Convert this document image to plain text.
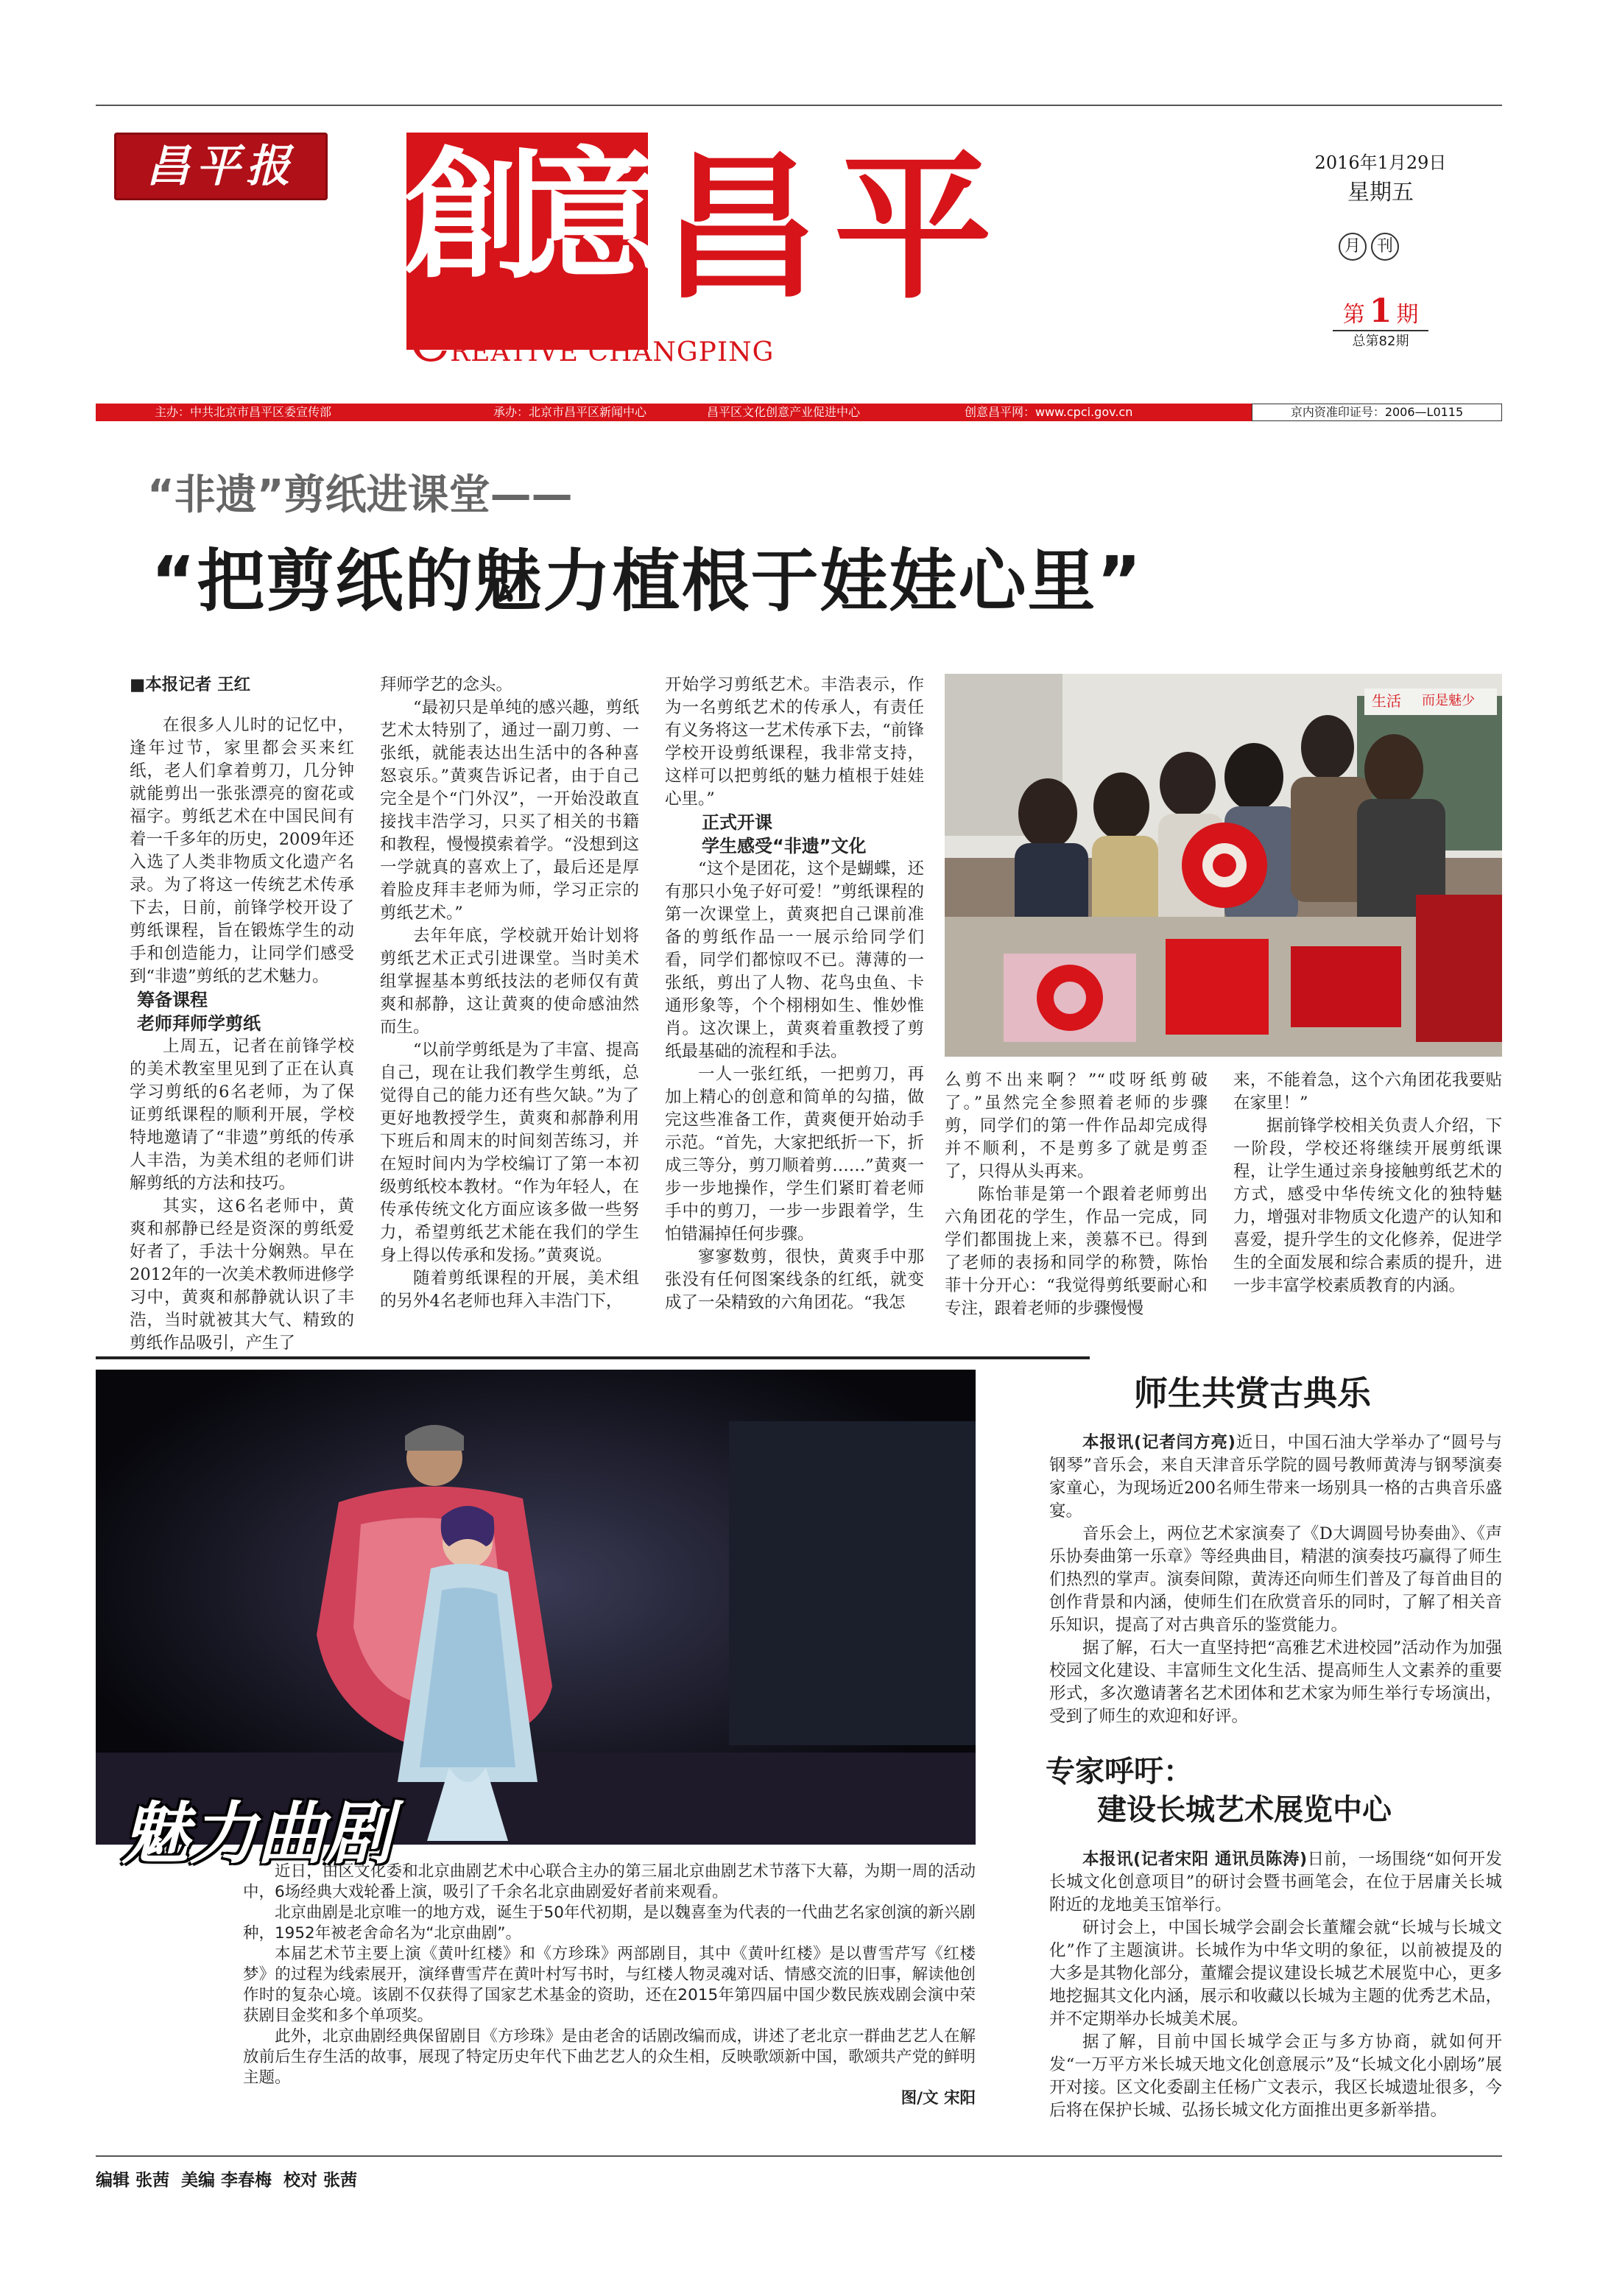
昌平报 創
意
昌 平
CREATIVE CHANGPING
2016年1月29日
星期五
月 刊
第 1 期
总第82期
主办：中共北京市昌平区委宣传部	承办：北京市昌平区新闻中心	昌平区文化创意产业促进中心	创意昌平网：www.cpci.gov.cn	京内资准印证号：2006—L0115
“非遗”剪纸进课堂——
“把剪纸的魅力植根于娃娃心里”

■本报记者 王红

在很多人儿时的记忆中，逢年过节，家里都会买来红纸，老人们拿着剪刀，几分钟就能剪出一张张漂亮的窗花或福字。剪纸艺术在中国民间有着一千多年的历史，2009年还入选了人类非物质文化遗产名录。为了将这一传统艺术传承下去，日前，前锋学校开设了剪纸课程，旨在锻炼学生的动手和创造能力，让同学们感受到“非遗”剪纸的艺术魅力。

筹备课程
老师拜师学剪纸

上周五，记者在前锋学校的美术教室里见到了正在认真学习剪纸的6名老师，为了保证剪纸课程的顺利开展，学校特地邀请了“非遗”剪纸的传承人丰浩，为美术组的老师们讲解剪纸的方法和技巧。

其实，这6名老师中，黄爽和郝静已经是资深的剪纸爱好者了，手法十分娴熟。早在2012年的一次美术教师进修学习中，黄爽和郝静就认识了丰浩，当时就被其大气、精致的剪纸作品吸引，产生了

拜师学艺的念头。

“最初只是单纯的感兴趣，剪纸艺术太特别了，通过一副刀剪、一张纸，就能表达出生活中的各种喜怒哀乐。”黄爽告诉记者，由于自己完全是个“门外汉”，一开始没敢直接找丰浩学习，只买了相关的书籍和教程，慢慢摸索着学。“没想到这一学就真的喜欢上了，最后还是厚着脸皮拜丰老师为师，学习正宗的剪纸艺术。”

去年年底，学校就开始计划将剪纸艺术正式引进课堂。当时美术组掌握基本剪纸技法的老师仅有黄爽和郝静，这让黄爽的使命感油然而生。

“以前学剪纸是为了丰富、提高自己，现在让我们教学生剪纸，总觉得自己的能力还有些欠缺。”为了更好地教授学生，黄爽和郝静利用下班后和周末的时间刻苦练习，并在短时间内为学校编订了第一本初级剪纸校本教材。“作为年轻人，在传承传统文化方面应该多做一些努力，希望剪纸艺术能在我们的学生身上得以传承和发扬。”黄爽说。

随着剪纸课程的开展，美术组的另外4名老师也拜入丰浩门下，

开始学习剪纸艺术。丰浩表示，作为一名剪纸艺术的传承人，有责任有义务将这一艺术传承下去，“前锋学校开设剪纸课程，我非常支持，这样可以把剪纸的魅力植根于娃娃心里。”

正式开课
学生感受“非遗”文化

“这个是团花，这个是蝴蝶，还有那只小兔子好可爱！”剪纸课程的第一次课堂上，黄爽把自己课前准备的剪纸作品一一展示给同学们看，同学们都惊叹不已。薄薄的一张纸，剪出了人物、花鸟虫鱼、卡通形象等，个个栩栩如生、惟妙惟肖。这次课上，黄爽着重教授了剪纸最基础的流程和手法。

一人一张红纸，一把剪刀，再加上精心的创意和简单的勾描，做完这些准备工作，黄爽便开始动手示范。“首先，大家把纸折一下，折成三等分，剪刀顺着剪……”黄爽一步一步地操作，学生们紧盯着老师手中的剪刀，一步一步跟着学，生怕错漏掉任何步骤。

寥寥数剪，很快，黄爽手中那张没有任何图案线条的红纸，就变成了一朵精致的六角团花。“我怎

生活 而是魅少

么剪不出来啊？”“哎呀纸剪破了。”虽然完全参照着老师的步骤剪，同学们的第一件作品却完成得并不顺利，不是剪多了就是剪歪了，只得从头再来。

陈怡菲是第一个跟着老师剪出六角团花的学生，作品一完成，同学们都围拢上来，羡慕不已。得到了老师的表扬和同学的称赞，陈怡菲十分开心：“我觉得剪纸要耐心和专注，跟着老师的步骤慢慢

来，不能着急，这个六角团花我要贴在家里！”

据前锋学校相关负责人介绍，下一阶段，学校还将继续开展剪纸课程，让学生通过亲身接触剪纸艺术的方式，感受中华传统文化的独特魅力，增强对非物质文化遗产的认知和喜爱，提升学生的文化修养，促进学生的全面发展和综合素质的提升，进一步丰富学校素质教育的内涵。

魅力曲剧

近日，由区文化委和北京曲剧艺术中心联合主办的第三届北京曲剧艺术节落下大幕，为期一周的活动中，6场经典大戏轮番上演，吸引了千余名北京曲剧爱好者前来观看。

北京曲剧是北京唯一的地方戏，诞生于50年代初期，是以魏喜奎为代表的一代曲艺名家创演的新兴剧种，1952年被老舍命名为“北京曲剧”。

本届艺术节主要上演《黄叶红楼》和《方珍珠》两部剧目，其中《黄叶红楼》是以曹雪芹写《红楼梦》的过程为线索展开，演绎曹雪芹在黄叶村写书时，与红楼人物灵魂对话、情感交流的旧事，解读他创作时的复杂心境。该剧不仅获得了国家艺术基金的资助，还在2015年第四届中国少数民族戏剧会演中荣获剧目金奖和多个单项奖。

此外，北京曲剧经典保留剧目《方珍珠》是由老舍的话剧改编而成，讲述了老北京一群曲艺艺人在解放前后生存生活的故事，展现了特定历史年代下曲艺艺人的众生相，反映歌颂新中国，歌颂共产党的鲜明主题。

图/文 宋阳

师生共赏古典乐

本报讯(记者闫方亮)近日，中国石油大学举办了“圆号与钢琴”音乐会，来自天津音乐学院的圆号教师黄涛与钢琴演奏家童心，为现场近200名师生带来一场别具一格的古典音乐盛宴。

音乐会上，两位艺术家演奏了《D大调圆号协奏曲》、《声乐协奏曲第一乐章》等经典曲目，精湛的演奏技巧赢得了师生们热烈的掌声。演奏间隙，黄涛还向师生们普及了每首曲目的创作背景和内涵，使师生们在欣赏音乐的同时，了解了相关音乐知识，提高了对古典音乐的鉴赏能力。

据了解，石大一直坚持把“高雅艺术进校园”活动作为加强校园文化建设、丰富师生文化生活、提高师生人文素养的重要形式，多次邀请著名艺术团体和艺术家为师生举行专场演出，受到了师生的欢迎和好评。

专家呼吁：
建设长城艺术展览中心

本报讯(记者宋阳 通讯员陈涛)日前，一场围绕“如何开发长城文化创意项目”的研讨会暨书画笔会，在位于居庸关长城附近的龙地美玉馆举行。

研讨会上，中国长城学会副会长董耀会就“长城与长城文化”作了主题演讲。长城作为中华文明的象征，以前被提及的大多是其物化部分，董耀会提议建设长城艺术展览中心，更多地挖掘其文化内涵，展示和收藏以长城为主题的优秀艺术品，并不定期举办长城美术展。

据了解，目前中国长城学会正与多方协商，就如何开发“一万平方米长城天地文化创意展示”及“长城文化小剧场”展开对接。区文化委副主任杨广文表示，我区长城遗址很多，今后将在保护长城、弘扬长城文化方面推出更多新举措。

编辑 张茜  美编 李春梅  校对 张茜
